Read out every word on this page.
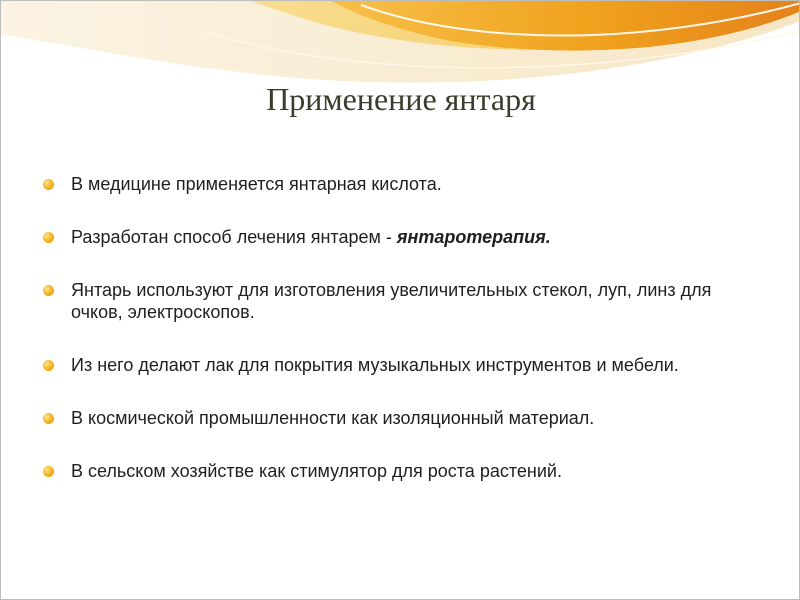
Применение янтаря
В медицине применяется янтарная кислота.
Разработан способ лечения янтарем - янтаротерапия.
Янтарь используют для изготовления увеличительных стекол, луп, линз для очков, электроскопов.
Из него делают лак для покрытия музыкальных инструментов и мебели.
В космической промышленности как изоляционный материал.
В сельском хозяйстве как стимулятор для роста растений.
